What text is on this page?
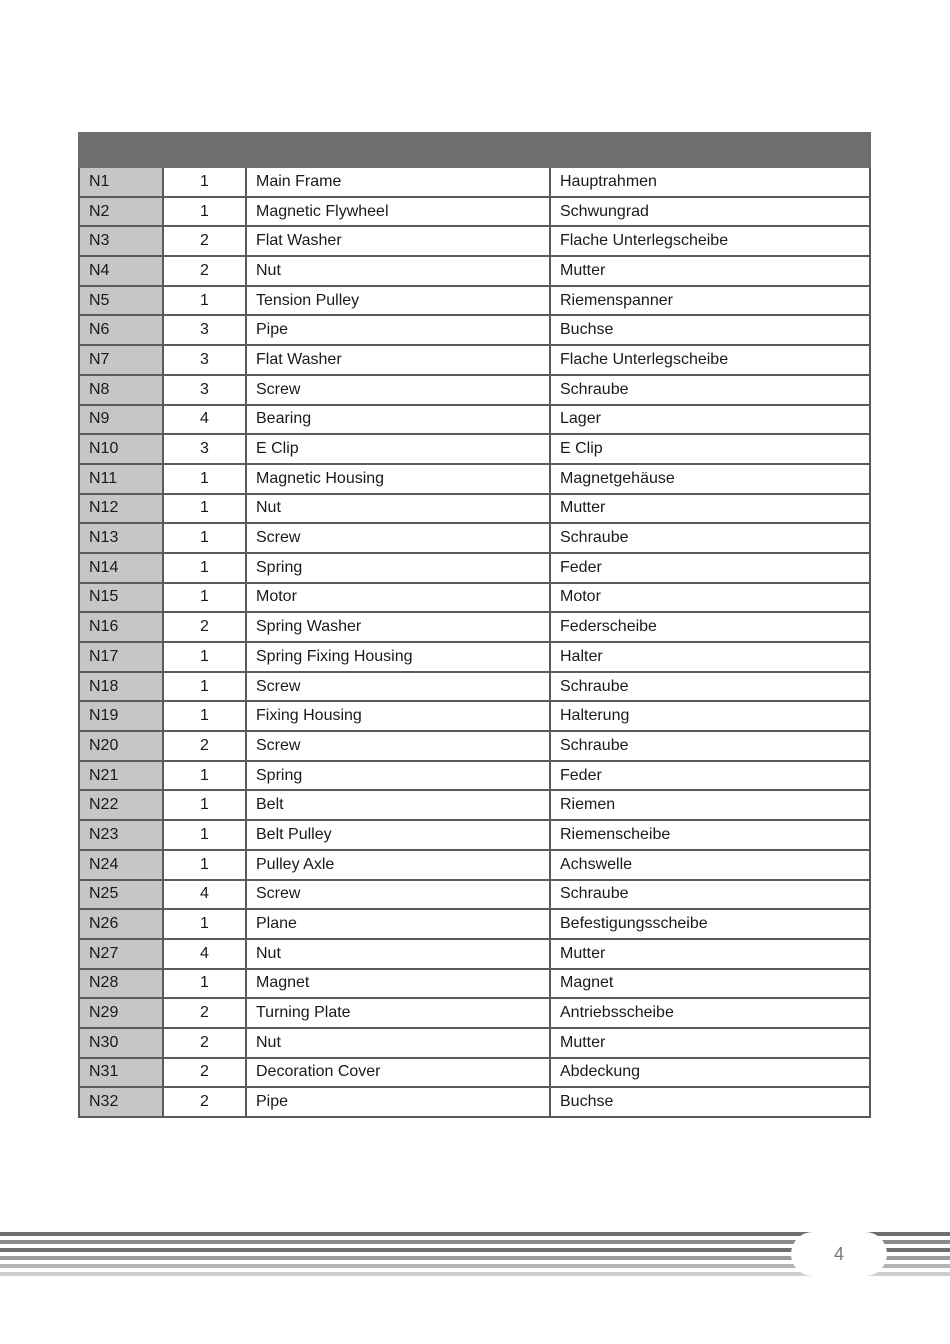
N1	1	Main Frame	Hauptrahmen
N2	1	Magnetic Flywheel	Schwungrad
N3	2	Flat Washer	Flache Unterlegscheibe
N4	2	Nut	Mutter
N5	1	Tension Pulley	Riemenspanner
N6	3	Pipe	Buchse
N7	3	Flat Washer	Flache Unterlegscheibe
N8	3	Screw	Schraube
N9	4	Bearing	Lager
N10	3	E Clip	E Clip
N11	1	Magnetic Housing	Magnetgehäuse
N12	1	Nut	Mutter
N13	1	Screw	Schraube
N14	1	Spring	Feder
N15	1	Motor	Motor
N16	2	Spring Washer	Federscheibe
N17	1	Spring Fixing Housing	Halter
N18	1	Screw	Schraube
N19	1	Fixing Housing	Halterung
N20	2	Screw	Schraube
N21	1	Spring	Feder
N22	1	Belt	Riemen
N23	1	Belt Pulley	Riemenscheibe
N24	1	Pulley Axle	Achswelle
N25	4	Screw	Schraube
N26	1	Plane	Befestigungsscheibe
N27	4	Nut	Mutter
N28	1	Magnet	Magnet
N29	2	Turning Plate	Antriebsscheibe
N30	2	Nut	Mutter
N31	2	Decoration Cover	Abdeckung
N32	2	Pipe	Buchse
4
